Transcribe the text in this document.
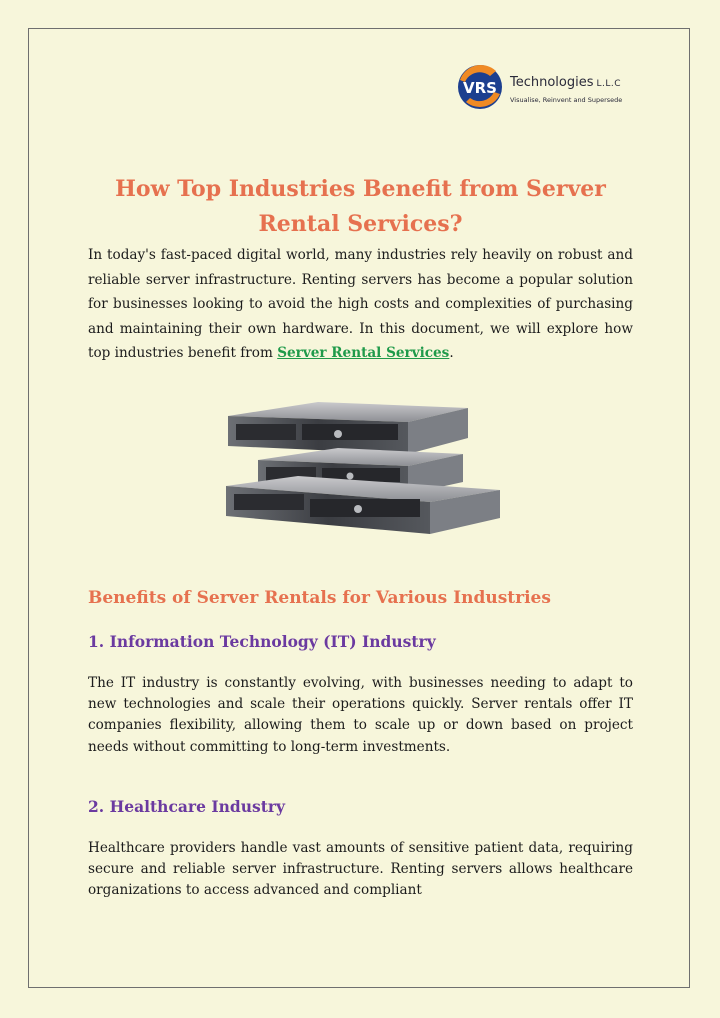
VRS Technologies L.L.C
Visualise, Reinvent and Supersede
How Top Industries Benefit from Server Rental Services?

In today's fast-paced digital world, many industries rely heavily on robust and reliable server infrastructure. Renting servers has become a popular solution for businesses looking to avoid the high costs and complexities of purchasing and maintaining their own hardware. In this document, we will explore how top industries benefit from Server Rental Services.

Benefits of Server Rentals for Various Industries
1. Information Technology (IT) Industry

The IT industry is constantly evolving, with businesses needing to adapt to new technologies and scale their operations quickly. Server rentals offer IT companies flexibility, allowing them to scale up or down based on project needs without committing to long-term investments.

2. Healthcare Industry

Healthcare providers handle vast amounts of sensitive patient data, requiring secure and reliable server infrastructure. Renting servers allows healthcare organizations to access advanced and compliant
